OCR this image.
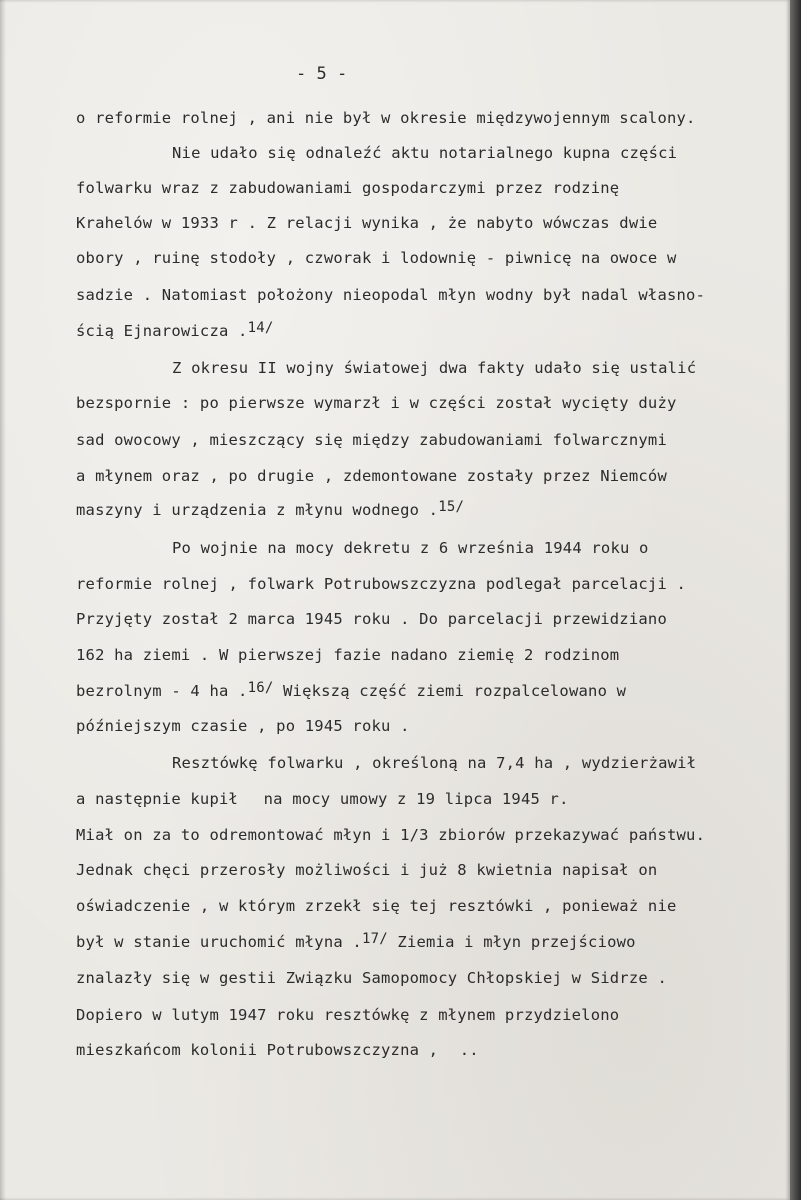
- 5 -
o reformie rolnej , ani nie był w okresie międzywojennym scalony.
Nie udało się odnaleźć aktu notarialnego kupna części
folwarku wraz z zabudowaniami gospodarczymi przez rodzinę
Krahelów w 1933 r . Z relacji wynika , że nabyto wówczas dwie
obory , ruinę stodoły , czworak i lodownię - piwnicę na owoce w
sadzie . Natomiast położony nieopodal młyn wodny był nadal własno-
ścią Ejnarowicza .$^{14/}$
Z okresu II wojny światowej dwa fakty udało się ustalić
bezspornie : po pierwsze wymarzł i w części został wycięty duży
sad owocowy , mieszczący się między zabudowaniami folwarcznymi
a młynem oraz , po drugie , zdemontowane zostały przez Niemców
maszyny i urządzenia z młynu wodnego .$^{15/}$
Po wojnie na mocy dekretu z 6 września 1944 roku o
reformie rolnej , folwark Potrubowszczyzna podlegał parcelacji .
Przyjęty został 2 marca 1945 roku . Do parcelacji przewidziano
162 ha ziemi . W pierwszej fazie nadano ziemię 2 rodzinom
bezrolnym - 4 ha .$^{16/}$ Większą część ziemi rozpalcelowano w
późniejszym czasie , po 1945 roku .
Resztówkę folwarku , określoną na 7,4 ha , wydzierżawił
a następnie kupił na mocy umowy z 19 lipca 1945 r.
Miał on za to odremontować młyn i 1/3 zbiorów przekazywać państwu.
Jednak chęci przerosły możliwości i już 8 kwietnia napisał on
oświadczenie , w którym zrzekł się tej resztówki , ponieważ nie
był w stanie uruchomić młyna .$^{17/}$ Ziemia i młyn przejściowo
znalazły się w gestii Związku Samopomocy Chłopskiej w Sidrze .
Dopiero w lutym 1947 roku resztówkę z młynem przydzielono
mieszkańcom kolonii Potrubowszczyzna , ..
